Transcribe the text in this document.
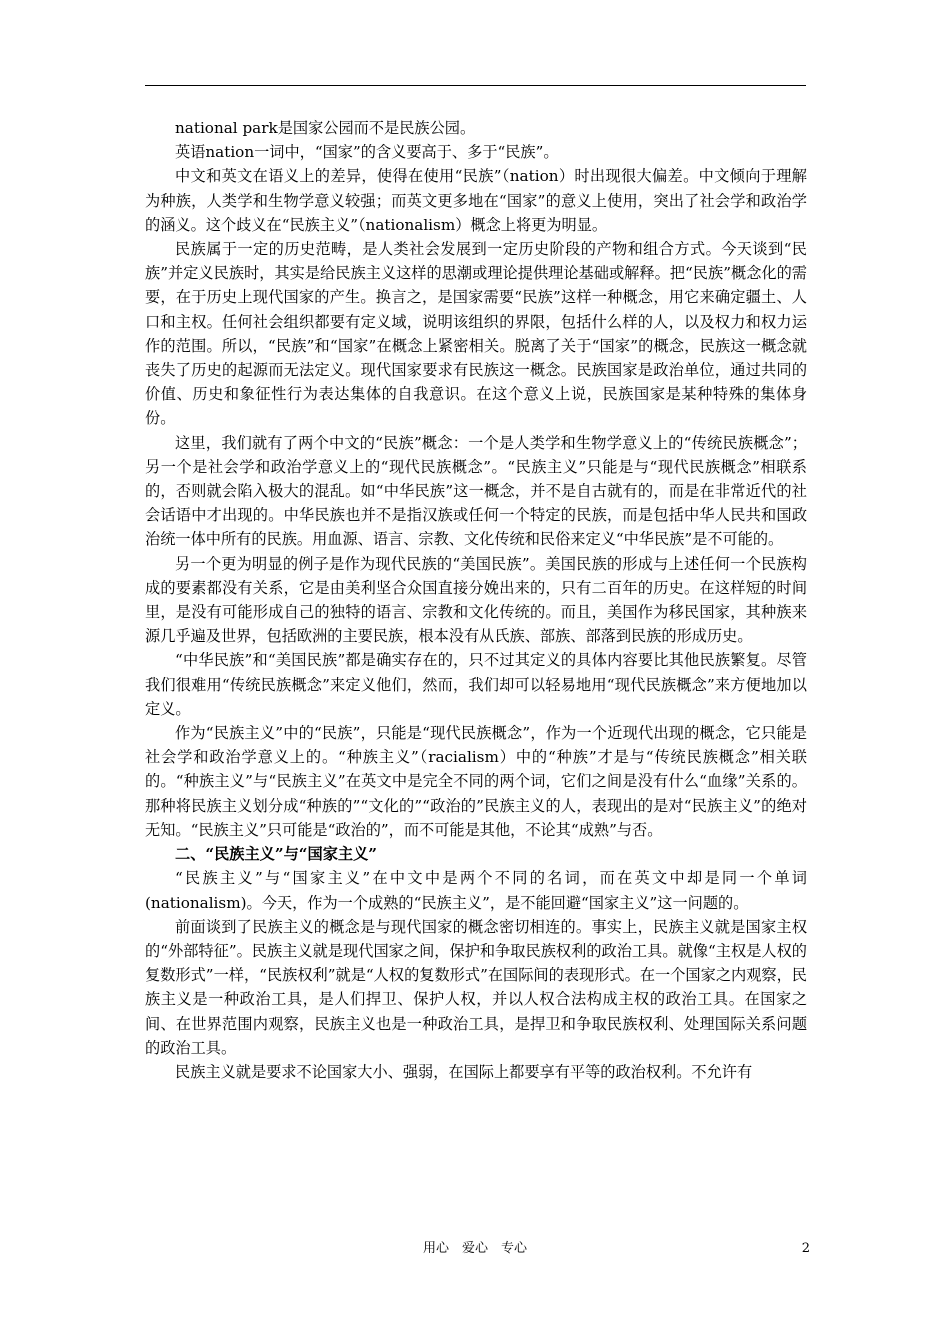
national park是国家公园而不是民族公园。

英语nation一词中，“国家”的含义要高于、多于“民族”。

中文和英文在语义上的差异，使得在使用“民族”（nation）时出现很大偏差。中文倾向于理解为种族，人类学和生物学意义较强；而英文更多地在“国家”的意义上使用，突出了社会学和政治学的涵义。这个歧义在“民族主义”（nationalism）概念上将更为明显。

民族属于一定的历史范畴，是人类社会发展到一定历史阶段的产物和组合方式。今天谈到“民族”并定义民族时，其实是给民族主义这样的思潮或理论提供理论基础或解释。把“民族”概念化的需要，在于历史上现代国家的产生。换言之，是国家需要“民族”这样一种概念，用它来确定疆土、人口和主权。任何社会组织都要有定义域，说明该组织的界限，包括什么样的人，以及权力和权力运作的范围。所以，“民族”和“国家”在概念上紧密相关。脱离了关于“国家”的概念，民族这一概念就丧失了历史的起源而无法定义。现代国家要求有民族这一概念。民族国家是政治单位，通过共同的价值、历史和象征性行为表达集体的自我意识。在这个意义上说，民族国家是某种特殊的集体身份。

这里，我们就有了两个中文的“民族”概念：一个是人类学和生物学意义上的“传统民族概念”；另一个是社会学和政治学意义上的“现代民族概念”。“民族主义”只能是与“现代民族概念”相联系的，否则就会陷入极大的混乱。如“中华民族”这一概念，并不是自古就有的，而是在非常近代的社会话语中才出现的。中华民族也并不是指汉族或任何一个特定的民族，而是包括中华人民共和国政治统一体中所有的民族。用血源、语言、宗教、文化传统和民俗来定义“中华民族”是不可能的。

另一个更为明显的例子是作为现代民族的“美国民族”。美国民族的形成与上述任何一个民族构成的要素都没有关系，它是由美利坚合众国直接分娩出来的，只有二百年的历史。在这样短的时间里，是没有可能形成自己的独特的语言、宗教和文化传统的。而且，美国作为移民国家，其种族来源几乎遍及世界，包括欧洲的主要民族，根本没有从氏族、部族、部落到民族的形成历史。

“中华民族”和“美国民族”都是确实存在的，只不过其定义的具体内容要比其他民族繁复。尽管我们很难用“传统民族概念”来定义他们，然而，我们却可以轻易地用“现代民族概念”来方便地加以定义。

作为“民族主义”中的“民族”，只能是“现代民族概念”，作为一个近现代出现的概念，它只能是社会学和政治学意义上的。“种族主义”（racialism）中的“种族”才是与“传统民族概念”相关联的。“种族主义”与“民族主义”在英文中是完全不同的两个词，它们之间是没有什么“血缘”关系的。那种将民族主义划分成“种族的”“文化的”“政治的”民族主义的人，表现出的是对“民族主义”的绝对无知。“民族主义”只可能是“政治的”，而不可能是其他，不论其“成熟”与否。

二、“民族主义”与“国家主义”

“民族主义”与“国家主义”在中文中是两个不同的名词，而在英文中却是同一个单词(nationalism)。今天，作为一个成熟的“民族主义”，是不能回避“国家主义”这一问题的。

前面谈到了民族主义的概念是与现代国家的概念密切相连的。事实上，民族主义就是国家主权的“外部特征”。民族主义就是现代国家之间，保护和争取民族权利的政治工具。就像“主权是人权的复数形式”一样，“民族权利”就是“人权的复数形式”在国际间的表现形式。在一个国家之内观察，民族主义是一种政治工具，是人们捍卫、保护人权，并以人权合法构成主权的政治工具。在国家之间、在世界范围内观察，民族主义也是一种政治工具，是捍卫和争取民族权利、处理国际关系问题的政治工具。

民族主义就是要求不论国家大小、强弱，在国际上都要享有平等的政治权利。不允许有

用心　爱心　专心	2
